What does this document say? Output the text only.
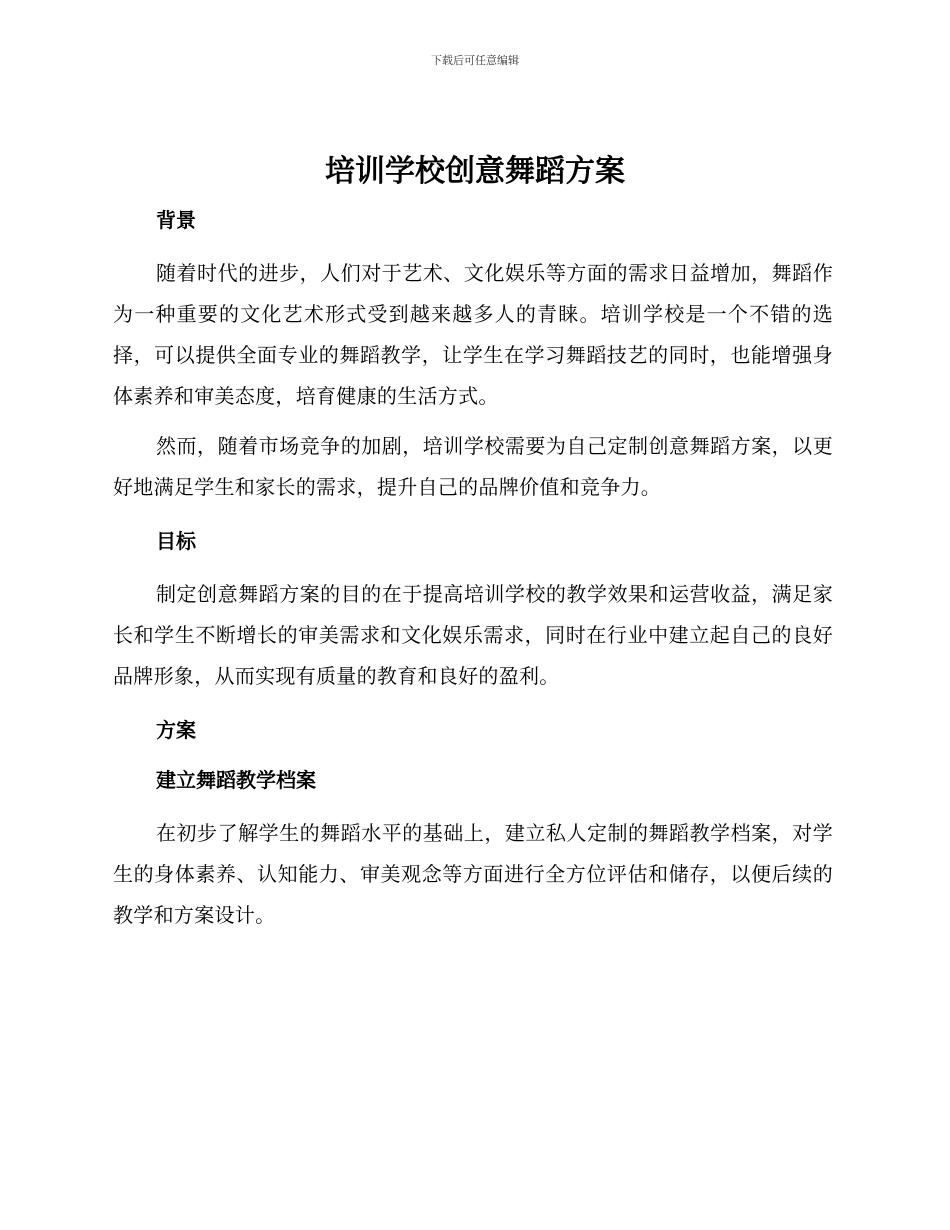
下载后可任意编辑
培训学校创意舞蹈方案
背景

随着时代的进步，人们对于艺术、文化娱乐等方面的需求日益增加，舞蹈作为一种重要的文化艺术形式受到越来越多人的青睐。培训学校是一个不错的选择，可以提供全面专业的舞蹈教学，让学生在学习舞蹈技艺的同时，也能增强身体素养和审美态度，培育健康的生活方式。

然而，随着市场竞争的加剧，培训学校需要为自己定制创意舞蹈方案，以更好地满足学生和家长的需求，提升自己的品牌价值和竞争力。

目标

制定创意舞蹈方案的目的在于提高培训学校的教学效果和运营收益，满足家长和学生不断增长的审美需求和文化娱乐需求，同时在行业中建立起自己的良好品牌形象，从而实现有质量的教育和良好的盈利。

方案
建立舞蹈教学档案

在初步了解学生的舞蹈水平的基础上，建立私人定制的舞蹈教学档案，对学生的身体素养、认知能力、审美观念等方面进行全方位评估和储存，以便后续的教学和方案设计。
